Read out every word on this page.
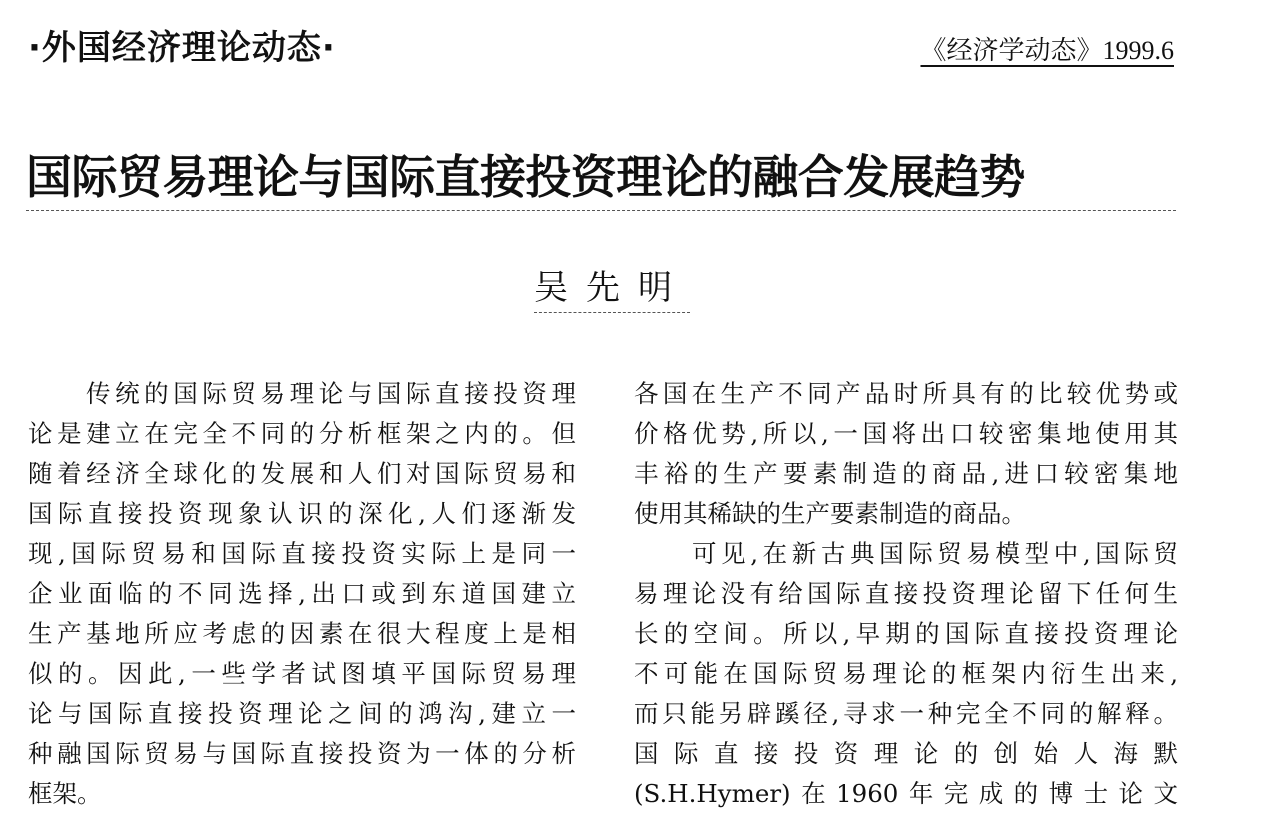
·外国经济理论动态·	《经济学动态》1999.6
国际贸易理论与国际直接投资理论的融合发展趋势
吴先明
传统的国际贸易理论与国际直接投资理
论是建立在完全不同的分析框架之内的。但
随着经济全球化的发展和人们对国际贸易和
国际直接投资现象认识的深化,人们逐渐发
现,国际贸易和国际直接投资实际上是同一
企业面临的不同选择,出口或到东道国建立
生产基地所应考虑的因素在很大程度上是相
似的。因此,一些学者试图填平国际贸易理
论与国际直接投资理论之间的鸿沟,建立一
种融国际贸易与国际直接投资为一体的分析
框架。
各国在生产不同产品时所具有的比较优势或
价格优势,所以,一国将出口较密集地使用其
丰裕的生产要素制造的商品,进口较密集地
使用其稀缺的生产要素制造的商品。
可见,在新古典国际贸易模型中,国际贸
易理论没有给国际直接投资理论留下任何生
长的空间。所以,早期的国际直接投资理论
不可能在国际贸易理论的框架内衍生出来,
而只能另辟蹊径,寻求一种完全不同的解释。
国际直接投资理论的创始人海默
(S.H.Hymer)在1960年完成的博士论文
